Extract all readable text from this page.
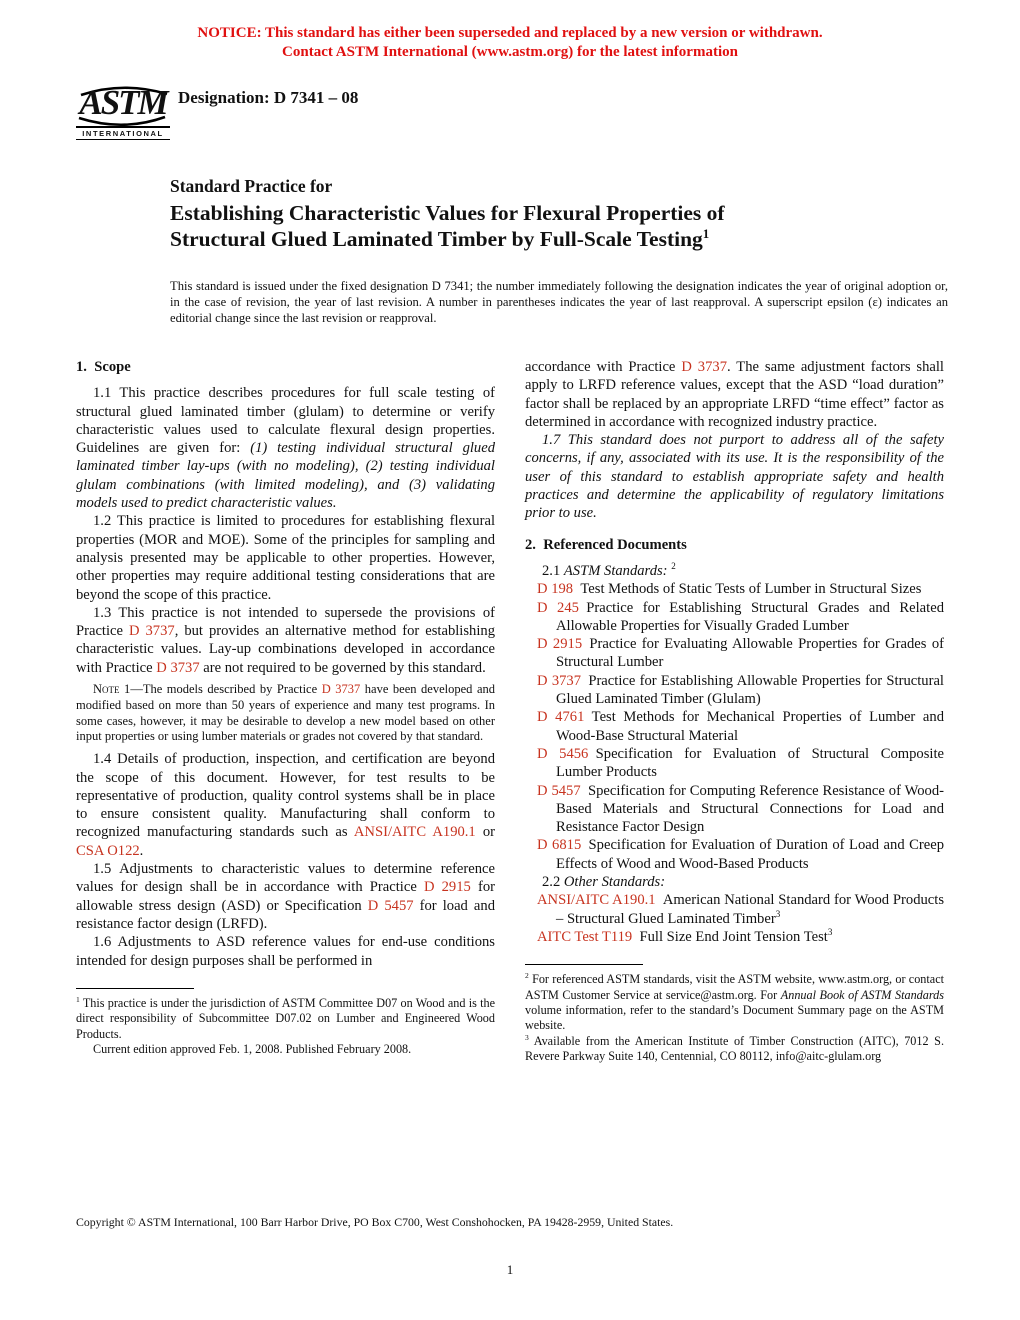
NOTICE: This standard has either been superseded and replaced by a new version or withdrawn.
Contact ASTM International (www.astm.org) for the latest information
ASTM
INTERNATIONAL
Designation: D 7341 – 08
Standard Practice for
Establishing Characteristic Values for Flexural Properties of
Structural Glued Laminated Timber by Full-Scale Testing$^1$

This standard is issued under the fixed designation D 7341; the number immediately following the designation indicates the year of original adoption or, in the case of revision, the year of last revision. A number in parentheses indicates the year of last reapproval. A superscript epsilon (ε) indicates an editorial change since the last revision or reapproval.

1. Scope
1.1 This practice describes procedures for full scale testing of structural glued laminated timber (glulam) to determine or verify characteristic values used to calculate flexural design properties. Guidelines are given for: (1) testing individual structural glued laminated timber lay-ups (with no modeling), (2) testing individual glulam combinations (with limited modeling), and (3) validating models used to predict characteristic values.
1.2 This practice is limited to procedures for establishing flexural properties (MOR and MOE). Some of the principles for sampling and analysis presented may be applicable to other properties. However, other properties may require additional testing considerations that are beyond the scope of this practice.
1.3 This practice is not intended to supersede the provisions of Practice D 3737, but provides an alternative method for establishing characteristic values. Lay-up combinations developed in accordance with Practice D 3737 are not required to be governed by this standard.
Note 1—The models described by Practice D 3737 have been developed and modified based on more than 50 years of experience and many test programs. In some cases, however, it may be desirable to develop a new model based on other input properties or using lumber materials or grades not covered by that standard.
1.4 Details of production, inspection, and certification are beyond the scope of this document. However, for test results to be representative of production, quality control systems shall be in place to ensure consistent quality. Manufacturing shall conform to recognized manufacturing standards such as ANSI/AITC A190.1 or CSA O122.
1.5 Adjustments to characteristic values to determine reference values for design shall be in accordance with Practice D 2915 for allowable stress design (ASD) or Specification D 5457 for load and resistance factor design (LRFD).
1.6 Adjustments to ASD reference values for end-use conditions intended for design purposes shall be performed in
$^1$ This practice is under the jurisdiction of ASTM Committee D07 on Wood and is the direct responsibility of Subcommittee D07.02 on Lumber and Engineered Wood Products.
Current edition approved Feb. 1, 2008. Published February 2008.
accordance with Practice D 3737. The same adjustment factors shall apply to LRFD reference values, except that the ASD “load duration” factor shall be replaced by an appropriate LRFD “time effect” factor as determined in accordance with recognized industry practice.
1.7 This standard does not purport to address all of the safety concerns, if any, associated with its use. It is the responsibility of the user of this standard to establish appropriate safety and health practices and determine the applicability of regulatory limitations prior to use.
2. Referenced Documents
2.1 ASTM Standards: $^2$
D 198 Test Methods of Static Tests of Lumber in Structural Sizes
D 245 Practice for Establishing Structural Grades and Related Allowable Properties for Visually Graded Lumber
D 2915 Practice for Evaluating Allowable Properties for Grades of Structural Lumber
D 3737 Practice for Establishing Allowable Properties for Structural Glued Laminated Timber (Glulam)
D 4761 Test Methods for Mechanical Properties of Lumber and Wood-Base Structural Material
D 5456 Specification for Evaluation of Structural Composite Lumber Products
D 5457 Specification for Computing Reference Resistance of Wood-Based Materials and Structural Connections for Load and Resistance Factor Design
D 6815 Specification for Evaluation of Duration of Load and Creep Effects of Wood and Wood-Based Products
2.2 Other Standards:
ANSI/AITC A190.1 American National Standard for Wood Products – Structural Glued Laminated Timber$^3$
AITC Test T119 Full Size End Joint Tension Test$^3$
$^2$ For referenced ASTM standards, visit the ASTM website, www.astm.org, or contact ASTM Customer Service at service@astm.org. For Annual Book of ASTM Standards volume information, refer to the standard’s Document Summary page on the ASTM website.
$^3$ Available from the American Institute of Timber Construction (AITC), 7012 S. Revere Parkway Suite 140, Centennial, CO 80112, info@aitc-glulam.org
Copyright © ASTM International, 100 Barr Harbor Drive, PO Box C700, West Conshohocken, PA 19428-2959, United States.
1
